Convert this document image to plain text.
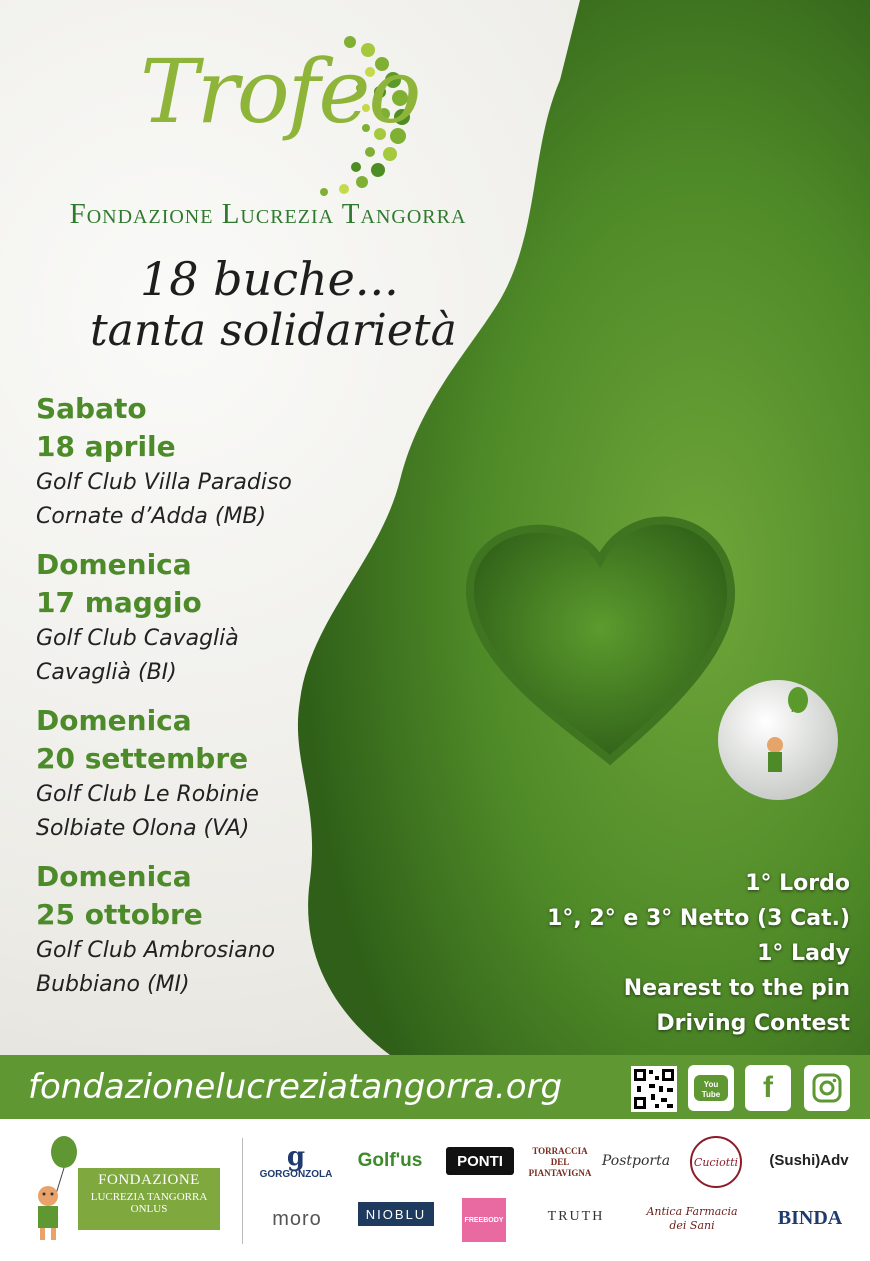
Trofeo
Fondazione Lucrezia Tangorra
18 buche...
tanta solidarietà
Sabato
18 aprile
Golf Club Villa Paradiso
Cornate d’Adda (MB)
Domenica
17 maggio
Golf Club Cavaglià
Cavaglià (BI)
Domenica
20 settembre
Golf Club Le Robinie
Solbiate Olona (VA)
Domenica
25 ottobre
Golf Club Ambrosiano
Bubbiano (MI)
1° Lordo
1°, 2° e 3° Netto (3 Cat.)
1° Lady
Nearest to the pin
Driving Contest
fondazionelucreziatangorra.org	You
Tube f
FONDAZIONE
LUCREZIA TANGORRA
ONLUS
g
GORGONZOLA
Golf'us	PONTI
TORRACCIA DEL PIANTAVIGNA
Postporta	Cuciotti	(Sushi)Adv
moro	NIOBLU	FREEBODY	TRUTH	Antica Farmacia dei Sani	BINDA
